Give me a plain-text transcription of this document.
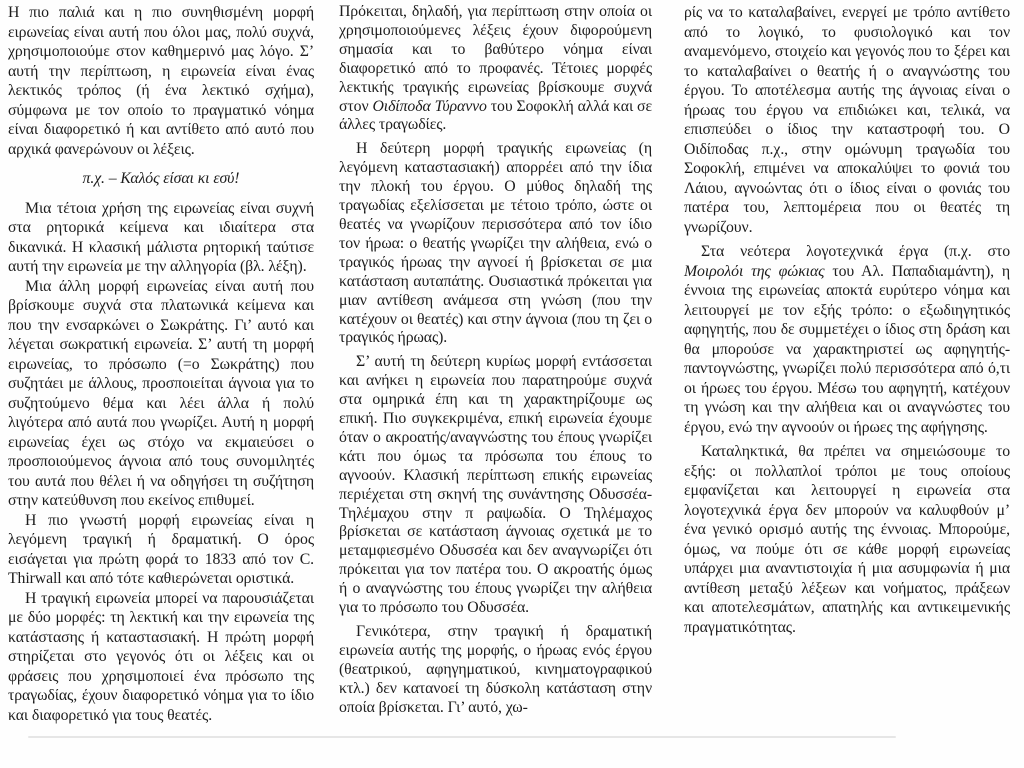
Η πιο παλιά και η πιο συνηθισμένη μορφή ειρωνείας είναι αυτή που όλοι μας, πολύ συχνά, χρησιμοποιούμε στον καθημερινό μας λόγο. Σ’ αυτή την περίπτωση, η ειρωνεία είναι ένας λεκτικός τρόπος (ή ένα λεκτικό σχήμα), σύμφωνα με τον οποίο το πραγματικό νόημα είναι διαφορετικό ή και αντίθετο από αυτό που αρχικά φανερώνουν οι λέξεις.

π.χ. – Καλός είσαι κι εσύ!

Μια τέτοια χρήση της ειρωνείας είναι συχνή στα ρητορικά κείμενα και ιδιαίτερα στα δικανικά. Η κλασική μάλιστα ρητορική ταύτισε αυτή την ειρωνεία με την αλληγορία (βλ. λέξη).

Μια άλλη μορφή ειρωνείας είναι αυτή που βρίσκουμε συχνά στα πλατωνικά κείμενα και που την ενσαρκώνει ο Σωκράτης. Γι’ αυτό και λέγεται σωκρατική ειρωνεία. Σ’ αυτή τη μορφή ειρωνείας, το πρόσωπο (=ο Σωκράτης) που συζητάει με άλλους, προσποιείται άγνοια για το συζητούμενο θέμα και λέει άλλα ή πολύ λιγότερα από αυτά που γνωρίζει. Αυτή η μορφή ειρωνείας έχει ως στόχο να εκμαιεύσει ο προσποιούμενος άγνοια από τους συνομιλητές του αυτά που θέλει ή να οδηγήσει τη συζήτηση στην κατεύθυνση που εκείνος επιθυμεί.

Η πιο γνωστή μορφή ειρωνείας είναι η λεγόμενη τραγική ή δραματική. Ο όρος εισάγεται για πρώτη φορά το 1833 από τον C. Thirwall και από τότε καθιερώνεται οριστικά.

Η τραγική ειρωνεία μπορεί να παρουσιάζεται με δύο μορφές: τη λεκτική και την ειρωνεία της κατάστασης ή καταστασιακή. Η πρώτη μορφή στηρίζεται στο γεγονός ότι οι λέξεις και οι φράσεις που χρησιμοποιεί ένα πρόσωπο της τραγωδίας, έχουν διαφορετικό νόημα για το ίδιο και διαφορετικό για τους θεατές.

Πρόκειται, δηλαδή, για περίπτωση στην οποία οι χρησιμοποιούμενες λέξεις έχουν διφορούμενη σημασία και το βαθύτερο νόημα είναι διαφορετικό από το προφανές. Τέτοιες μορφές λεκτικής τραγικής ειρωνείας βρίσκουμε συχνά στον Οιδίποδα Τύραννο του Σοφοκλή αλλά και σε άλλες τραγωδίες.

Η δεύτερη μορφή τραγικής ειρωνείας (η λεγόμενη καταστασιακή) απορρέει από την ίδια την πλοκή του έργου. Ο μύθος δηλαδή της τραγωδίας εξελίσσεται με τέτοιο τρόπο, ώστε οι θεατές να γνωρίζουν περισσότερα από τον ίδιο τον ήρωα: ο θεατής γνωρίζει την αλήθεια, ενώ ο τραγικός ήρωας την αγνοεί ή βρίσκεται σε μια κατάσταση αυταπάτης. Ουσιαστικά πρόκειται για μιαν αντίθεση ανάμεσα στη γνώση (που την κατέχουν οι θεατές) και στην άγνοια (που τη ζει ο τραγικός ήρωας).

Σ’ αυτή τη δεύτερη κυρίως μορφή εντάσσεται και ανήκει η ειρωνεία που παρατηρούμε συχνά στα ομηρικά έπη και τη χαρακτηρίζουμε ως επική. Πιο συγκεκριμένα, επική ειρωνεία έχουμε όταν ο ακροατής/αναγνώστης του έπους γνωρίζει κάτι που όμως τα πρόσωπα του έπους το αγνοούν. Κλασική περίπτωση επικής ειρωνείας περιέχεται στη σκηνή της συνάντησης Οδυσσέα-Τηλέμαχου στην π ραψωδία. Ο Τηλέμαχος βρίσκεται σε κατάσταση άγνοιας σχετικά με το μεταμφιεσμένο Οδυσσέα και δεν αναγνωρίζει ότι πρόκειται για τον πατέρα του. Ο ακροατής όμως ή ο αναγνώστης του έπους γνωρίζει την αλήθεια για το πρόσωπο του Οδυσσέα.

Γενικότερα, στην τραγική ή δραματική ειρωνεία αυτής της μορφής, ο ήρωας ενός έργου (θεατρικού, αφηγηματικού, κινηματογραφικού κτλ.) δεν κατανοεί τη δύσκολη κατάσταση στην οποία βρίσκεται. Γι’ αυτό, χω-

ρίς να το καταλαβαίνει, ενεργεί με τρόπο αντίθετο από το λογικό, το φυσιολογικό και τον αναμενόμενο, στοιχείο και γεγονός που το ξέρει και το καταλαβαίνει ο θεατής ή ο αναγνώστης του έργου. Το αποτέλεσμα αυτής της άγνοιας είναι ο ήρωας του έργου να επιδιώκει και, τελικά, να επισπεύδει ο ίδιος την καταστροφή του. Ο Οιδίποδας π.χ., στην ομώνυμη τραγωδία του Σοφοκλή, επιμένει να αποκαλύψει το φονιά του Λάιου, αγνοώντας ότι ο ίδιος είναι ο φονιάς του πατέρα του, λεπτομέρεια που οι θεατές τη γνωρίζουν.

Στα νεότερα λογοτεχνικά έργα (π.χ. στο Μοιρολόι της φώκιας του Αλ. Παπαδιαμάντη), η έννοια της ειρωνείας αποκτά ευρύτερο νόημα και λειτουργεί με τον εξής τρόπο: ο εξωδιηγητικός αφηγητής, που δε συμμετέχει ο ίδιος στη δράση και θα μπορούσε να χαρακτηριστεί ως αφηγητής-παντογνώστης, γνωρίζει πολύ περισσότερα από ό,τι οι ήρωες του έργου. Μέσω του αφηγητή, κατέχουν τη γνώση και την αλήθεια και οι αναγνώστες του έργου, ενώ την αγνοούν οι ήρωες της αφήγησης.

Καταληκτικά, θα πρέπει να σημειώσουμε το εξής: οι πολλαπλοί τρόποι με τους οποίους εμφανίζεται και λειτουργεί η ειρωνεία στα λογοτεχνικά έργα δεν μπορούν να καλυφθούν μ’ ένα γενικό ορισμό αυτής της έννοιας. Μπορούμε, όμως, να πούμε ότι σε κάθε μορφή ειρωνείας υπάρχει μια αναντιστοιχία ή μια ασυμφωνία ή μια αντίθεση μεταξύ λέξεων και νοήματος, πράξεων και αποτελεσμάτων, απατηλής και αντικειμενικής πραγματικότητας.
